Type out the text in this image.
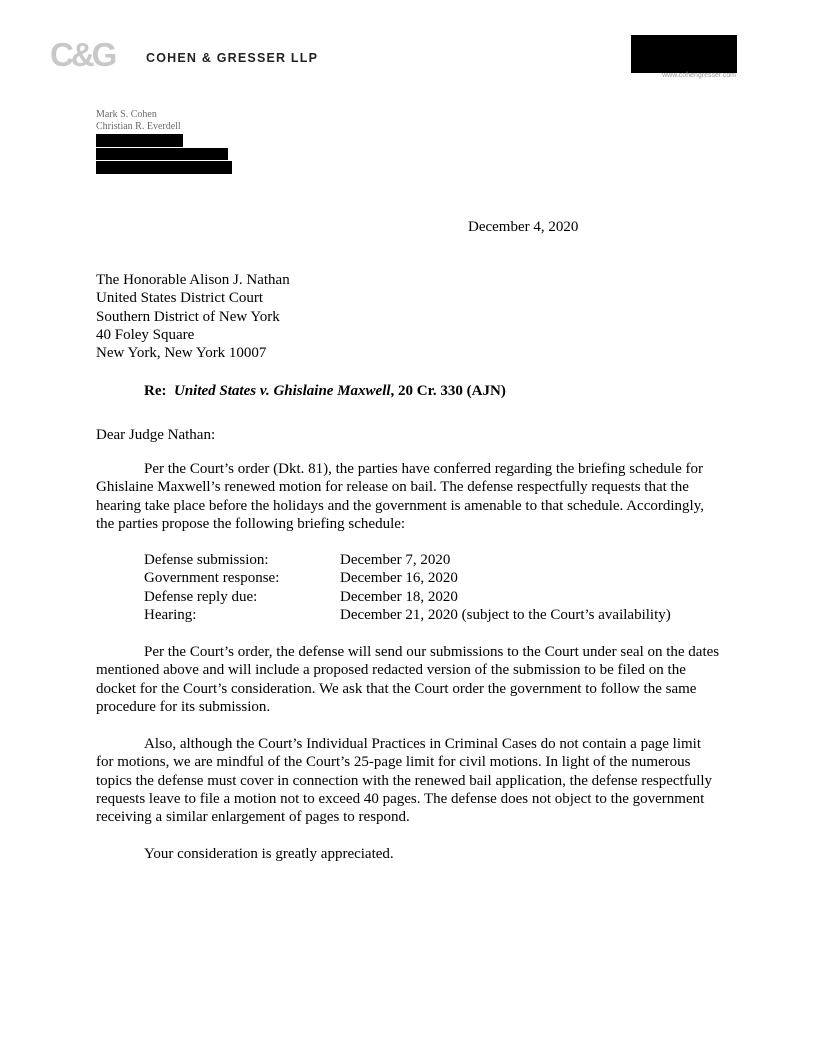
C&G	COHEN & GRESSER LLP
www.cohengresser.com
Mark S. Cohen
Christian R. Everdell
December 4, 2020
The Honorable Alison J. Nathan
United States District Court
Southern District of New York
40 Foley Square
New York, New York 10007
Re: United States v. Ghislaine Maxwell, 20 Cr. 330 (AJN)
Dear Judge Nathan:

Per the Court’s order (Dkt. 81), the parties have conferred regarding the briefing schedule for Ghislaine Maxwell’s renewed motion for release on bail. The defense respectfully requests that the hearing take place before the holidays and the government is amenable to that schedule. Accordingly, the parties propose the following briefing schedule:

Defense submission:	December 7, 2020
Government response:	December 16, 2020
Defense reply due:	December 18, 2020
Hearing:	December 21, 2020 (subject to the Court’s availability)

Per the Court’s order, the defense will send our submissions to the Court under seal on the dates mentioned above and will include a proposed redacted version of the submission to be filed on the docket for the Court’s consideration. We ask that the Court order the government to follow the same procedure for its submission.

Also, although the Court’s Individual Practices in Criminal Cases do not contain a page limit for motions, we are mindful of the Court’s 25-page limit for civil motions. In light of the numerous topics the defense must cover in connection with the renewed bail application, the defense respectfully requests leave to file a motion not to exceed 40 pages. The defense does not object to the government receiving a similar enlargement of pages to respond.

Your consideration is greatly appreciated.
